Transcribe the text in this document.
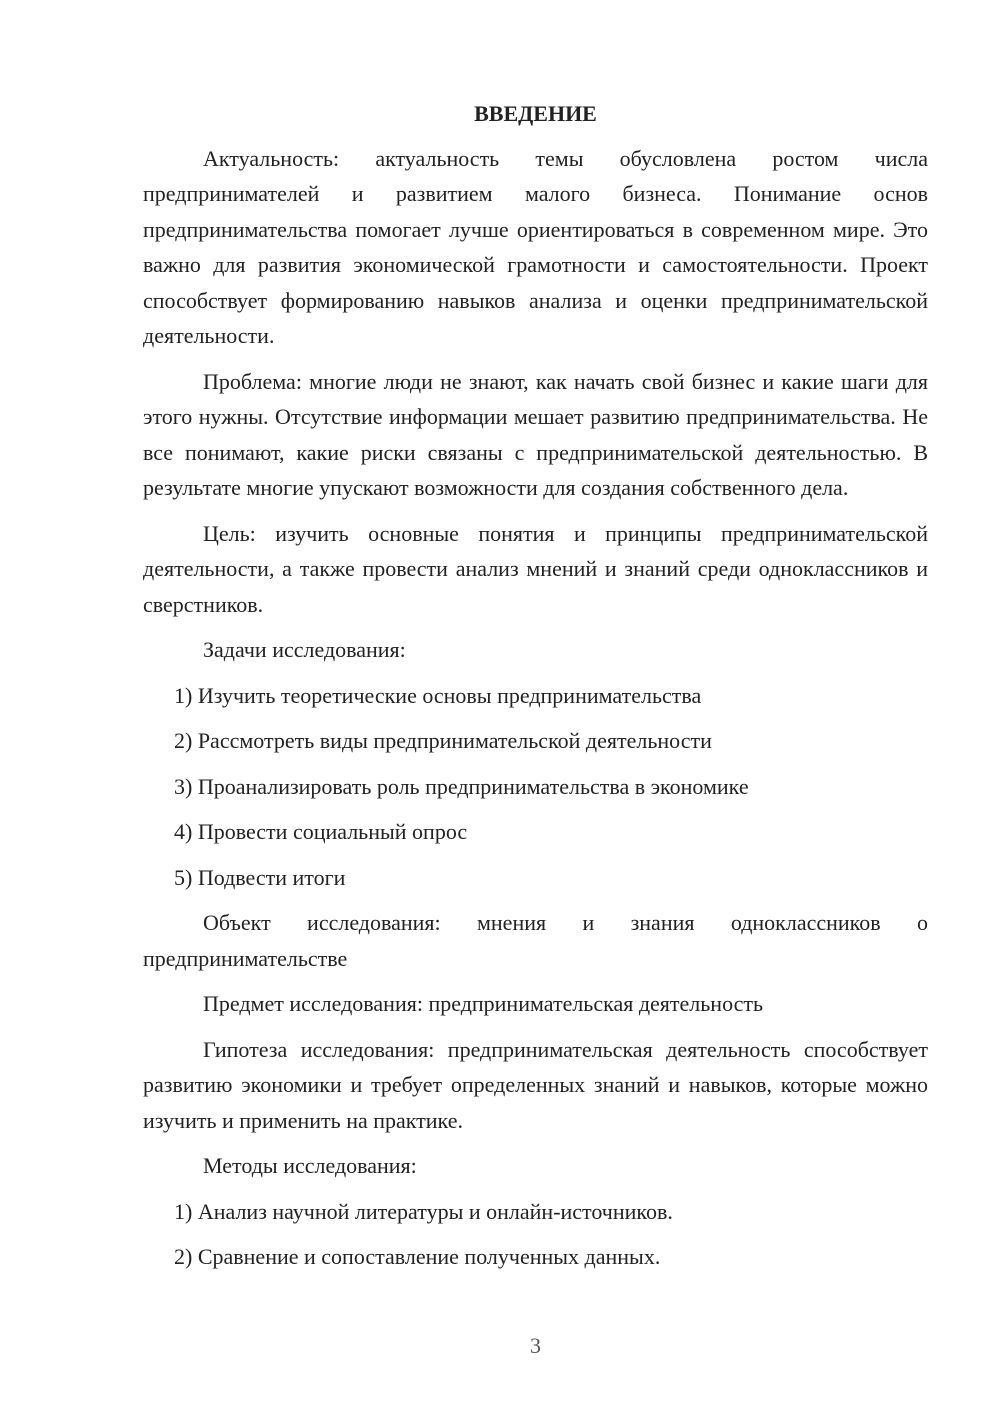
ВВЕДЕНИЕ

Актуальность: актуальность темы обусловлена ростом числа предпринимателей и развитием малого бизнеса. Понимание основ предпринимательства помогает лучше ориентироваться в современном мире. Это важно для развития экономической грамотности и самостоятельности. Проект способствует формированию навыков анализа и оценки предпринимательской деятельности.

Проблема: многие люди не знают, как начать свой бизнес и какие шаги для этого нужны. Отсутствие информации мешает развитию предпринимательства. Не все понимают, какие риски связаны с предпринимательской деятельностью. В результате многие упускают возможности для создания собственного дела.

Цель: изучить основные понятия и принципы предпринимательской деятельности, а также провести анализ мнений и знаний среди одноклассников и сверстников.

Задачи исследования:

1) Изучить теоретические основы предпринимательства

2) Рассмотреть виды предпринимательской деятельности

3) Проанализировать роль предпринимательства в экономике

4) Провести социальный опрос

5) Подвести итоги

Объект исследования: мнения и знания одноклассников о предпринимательстве

Предмет исследования: предпринимательская деятельность

Гипотеза исследования: предпринимательская деятельность способствует развитию экономики и требует определенных знаний и навыков, которые можно изучить и применить на практике.

Методы исследования:

1) Анализ научной литературы и онлайн-источников.

2) Сравнение и сопоставление полученных данных.

3
